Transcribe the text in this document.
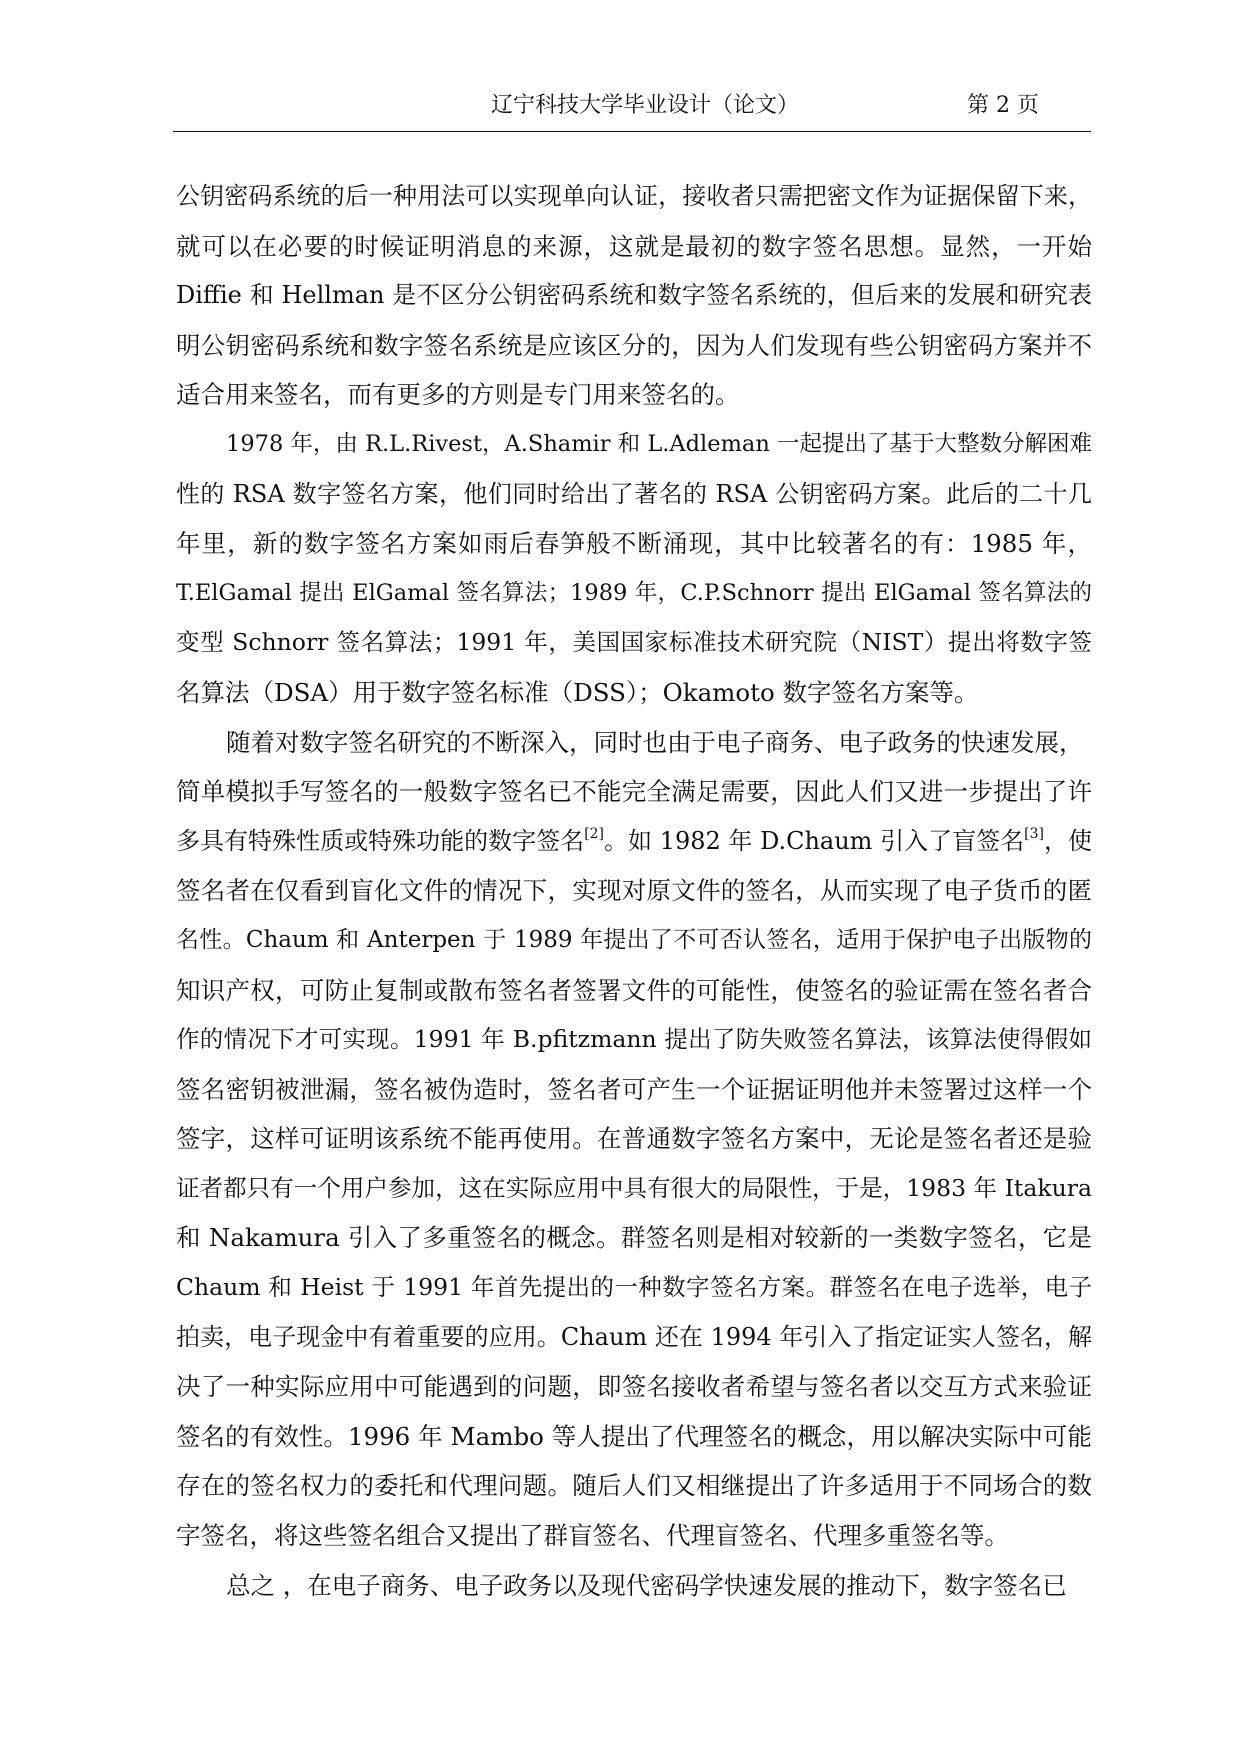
辽宁科技大学毕业设计（论文）	第 2 页
公钥密码系统的后一种用法可以实现单向认证，接收者只需把密文作为证据保留下来，
就可以在必要的时候证明消息的来源，这就是最初的数字签名思想。显然，一开始
Diffie 和 Hellman 是不区分公钥密码系统和数字签名系统的，但后来的发展和研究表
明公钥密码系统和数字签名系统是应该区分的，因为人们发现有些公钥密码方案并不
适合用来签名，而有更多的方则是专门用来签名的。
1978 年，由 R.L.Rivest，A.Shamir 和 L.Adleman 一起提出了基于大整数分解困难
性的 RSA 数字签名方案，他们同时给出了著名的 RSA 公钥密码方案。此后的二十几
年里，新的数字签名方案如雨后春笋般不断涌现，其中比较著名的有：1985 年，
T.ElGamal 提出 ElGamal 签名算法；1989 年，C.P.Schnorr 提出 ElGamal 签名算法的
变型 Schnorr 签名算法；1991 年，美国国家标准技术研究院（NIST）提出将数字签
名算法（DSA）用于数字签名标准（DSS）；Okamoto 数字签名方案等。
随着对数字签名研究的不断深入，同时也由于电子商务、电子政务的快速发展，
简单模拟手写签名的一般数字签名已不能完全满足需要，因此人们又进一步提出了许
多具有特殊性质或特殊功能的数字签名[2]。如 1982 年 D.Chaum 引入了盲签名[3]，使
签名者在仅看到盲化文件的情况下，实现对原文件的签名，从而实现了电子货币的匿
名性。Chaum 和 Anterpen 于 1989 年提出了不可否认签名，适用于保护电子出版物的
知识产权，可防止复制或散布签名者签署文件的可能性，使签名的验证需在签名者合
作的情况下才可实现。1991 年 B.pfitzmann 提出了防失败签名算法，该算法使得假如
签名密钥被泄漏，签名被伪造时，签名者可产生一个证据证明他并未签署过这样一个
签字，这样可证明该系统不能再使用。在普通数字签名方案中，无论是签名者还是验
证者都只有一个用户参加，这在实际应用中具有很大的局限性，于是，1983 年 Itakura
和 Nakamura 引入了多重签名的概念。群签名则是相对较新的一类数字签名，它是
Chaum 和 Heist 于 1991 年首先提出的一种数字签名方案。群签名在电子选举，电子
拍卖，电子现金中有着重要的应用。Chaum 还在 1994 年引入了指定证实人签名，解
决了一种实际应用中可能遇到的问题，即签名接收者希望与签名者以交互方式来验证
签名的有效性。1996 年 Mambo 等人提出了代理签名的概念，用以解决实际中可能
存在的签名权力的委托和代理问题。随后人们又相继提出了许多适用于不同场合的数
字签名，将这些签名组合又提出了群盲签名、代理盲签名、代理多重签名等。
总之 ，在电子商务、电子政务以及现代密码学快速发展的推动下，数字签名已
